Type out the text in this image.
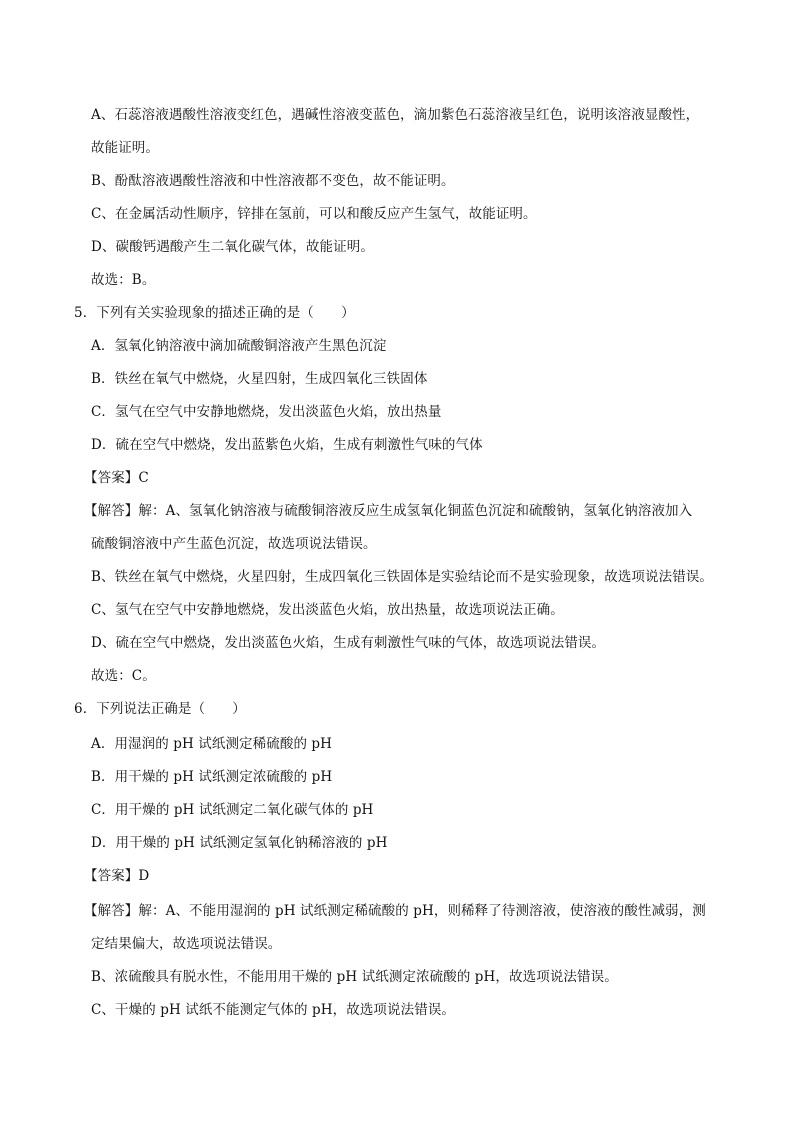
A、石蕊溶液遇酸性溶液变红色，遇碱性溶液变蓝色，滴加紫色石蕊溶液呈红色，说明该溶液显酸性，
故能证明。
B、酚酞溶液遇酸性溶液和中性溶液都不变色，故不能证明。
C、在金属活动性顺序，锌排在氢前，可以和酸反应产生氢气，故能证明。
D、碳酸钙遇酸产生二氧化碳气体，故能证明。
故选：B。
5．下列有关实验现象的描述正确的是（　　）
A．氢氧化钠溶液中滴加硫酸铜溶液产生黑色沉淀
B．铁丝在氧气中燃烧，火星四射，生成四氧化三铁固体
C．氢气在空气中安静地燃烧，发出淡蓝色火焰，放出热量
D．硫在空气中燃烧，发出蓝紫色火焰，生成有刺激性气味的气体
【答案】C
【解答】解：A、氢氧化钠溶液与硫酸铜溶液反应生成氢氧化铜蓝色沉淀和硫酸钠，氢氧化钠溶液加入
硫酸铜溶液中产生蓝色沉淀，故选项说法错误。
B、铁丝在氧气中燃烧，火星四射，生成四氧化三铁固体是实验结论而不是实验现象，故选项说法错误。
C、氢气在空气中安静地燃烧，发出淡蓝色火焰，放出热量，故选项说法正确。
D、硫在空气中燃烧，发出淡蓝色火焰，生成有刺激性气味的气体，故选项说法错误。
故选：C。
6．下列说法正确是（　　）
A．用湿润的 pH 试纸测定稀硫酸的 pH
B．用干燥的 pH 试纸测定浓硫酸的 pH
C．用干燥的 pH 试纸测定二氧化碳气体的 pH
D．用干燥的 pH 试纸测定氢氧化钠稀溶液的 pH
【答案】D
【解答】解：A、不能用湿润的 pH 试纸测定稀硫酸的 pH，则稀释了待测溶液，使溶液的酸性减弱，测
定结果偏大，故选项说法错误。
B、浓硫酸具有脱水性，不能用用干燥的 pH 试纸测定浓硫酸的 pH，故选项说法错误。
C、干燥的 pH 试纸不能测定气体的 pH，故选项说法错误。
